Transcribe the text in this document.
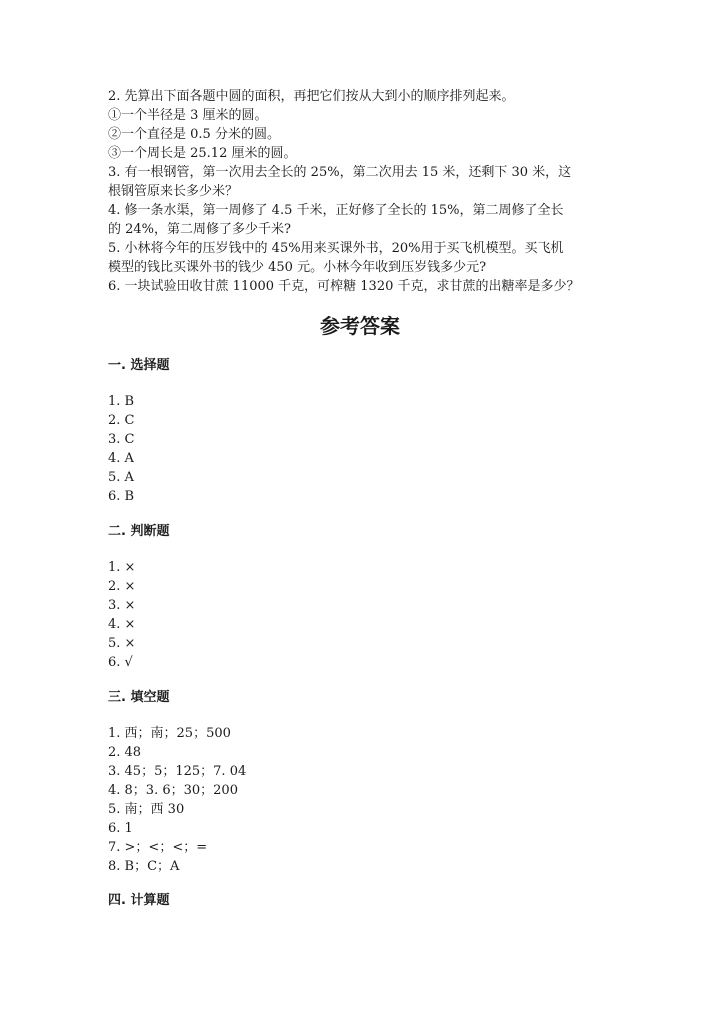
2. 先算出下面各题中圆的面积，再把它们按从大到小的顺序排列起来。
①一个半径是 3 厘米的圆。
②一个直径是 0.5 分米的圆。
③一个周长是 25.12 厘米的圆。
3. 有一根钢管，第一次用去全长的 25%，第二次用去 15 米，还剩下 30 米，这
根钢管原来长多少米？
4. 修一条水渠，第一周修了 4.5 千米，正好修了全长的 15%，第二周修了全长
的 24%，第二周修了多少千米?
5. 小林将今年的压岁钱中的 45%用来买课外书，20%用于买飞机模型。买飞机
模型的钱比买课外书的钱少 450 元。小林今年收到压岁钱多少元?
6. 一块试验田收甘蔗 11000 千克，可榨糖 1320 千克，求甘蔗的出糖率是多少？
参考答案
一. 选择题
1. B
2. C
3. C
4. A
5. A
6. B
二. 判断题
1. ×
2. ×
3. ×
4. ×
5. ×
6. √
三. 填空题
1. 西；南；25；500
2. 48
3. 45；5；125；7. 04
4. 8；3. 6；30；200
5. 南；西 30
6. 1
7. >；<；<；=
8. B；C；A
四. 计算题
